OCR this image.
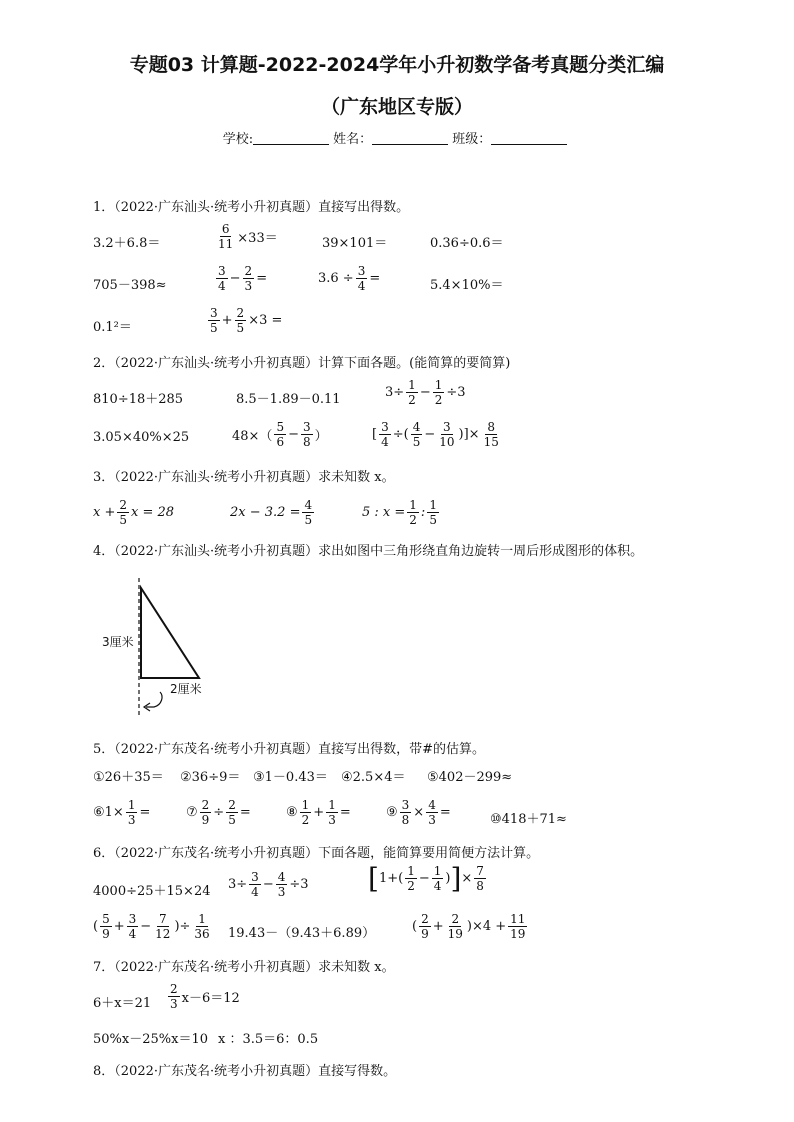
专题03 计算题-2022-2024学年小升初数学备考真题分类汇编
（广东地区专版）
学校:	姓名：	班级：
1．（2022·广东汕头·统考小升初真题）直接写出得数。
3.2＋6.8＝	$\frac{6}{11} \times 33=$	39×101＝	0.36÷0.6＝
705－398≈	$\frac{3}{4} - \frac{2}{3}$ =	$3.6 \div \frac{3}{4}$ =	5.4×10%＝
0.1²＝	$\frac{3}{5} + \frac{2}{5} \times 3$ =
2．（2022·广东汕头·统考小升初真题）计算下面各题。(能简算的要简算)
810÷18＋285	8.5－1.89－0.11	$3\div \frac{1}{2} - \frac{1}{2} \div 3$
3.05×40%×25	$48\times( \frac{5}{6} - \frac{3}{8}$ ）	[ $\frac{3}{4}$ ÷( $\frac{4}{5} - \frac{3}{10}$ )]× $\frac{8}{15}$
3．（2022·广东汕头·统考小升初真题）求未知数 x。
$x + \frac{2}{5}$ x = 28	$2x - 3.2 = \frac{4}{5}$	5 : $x = \frac{1}{2}$ : $\frac{1}{5}$
4．（2022·广东汕头·统考小升初真题）求出如图中三角形绕直角边旋转一周后形成图形的体积。
3厘米
2厘米
5．（2022·广东茂名·统考小升初真题）直接写出得数，带#的估算。
①26＋35＝ ②36÷9＝ ③1－0.43＝ ④2.5×4＝ ⑤402－299≈
⑥1× $\frac{1}{3}$ =	⑦ $\frac{2}{9} \div \frac{2}{5}$ =	⑧ $\frac{1}{2} + \frac{1}{3}$ =	⑨ $\frac{3}{8} \times \frac{4}{3}$ =	⑩418＋71≈
6．（2022·广东茂名·统考小升初真题）下面各题，能简算要用简便方法计算。
4000÷25＋15×24 $3\div \frac{3}{4} - \frac{4}{3} \div 3$ [ $1+( \frac{1}{2} - \frac{1}{4}$ ) ] × $\frac{7}{8}$
( $\frac{5}{9} + \frac{3}{4} - \frac{7}{12}$ )÷ $\frac{1}{36} 19.43-(9.43+6.89)$	( $\frac{2}{9} + \frac{2}{19} )\times 4 + \frac{11}{19}$
7．（2022·广东茂名·统考小升初真题）求未知数 x。
$6+x=21 \frac{2}{3} x-6=12$
50%x－25%x＝10 x ：3.5＝6：0.5
8．（2022·广东茂名·统考小升初真题）直接写得数。
